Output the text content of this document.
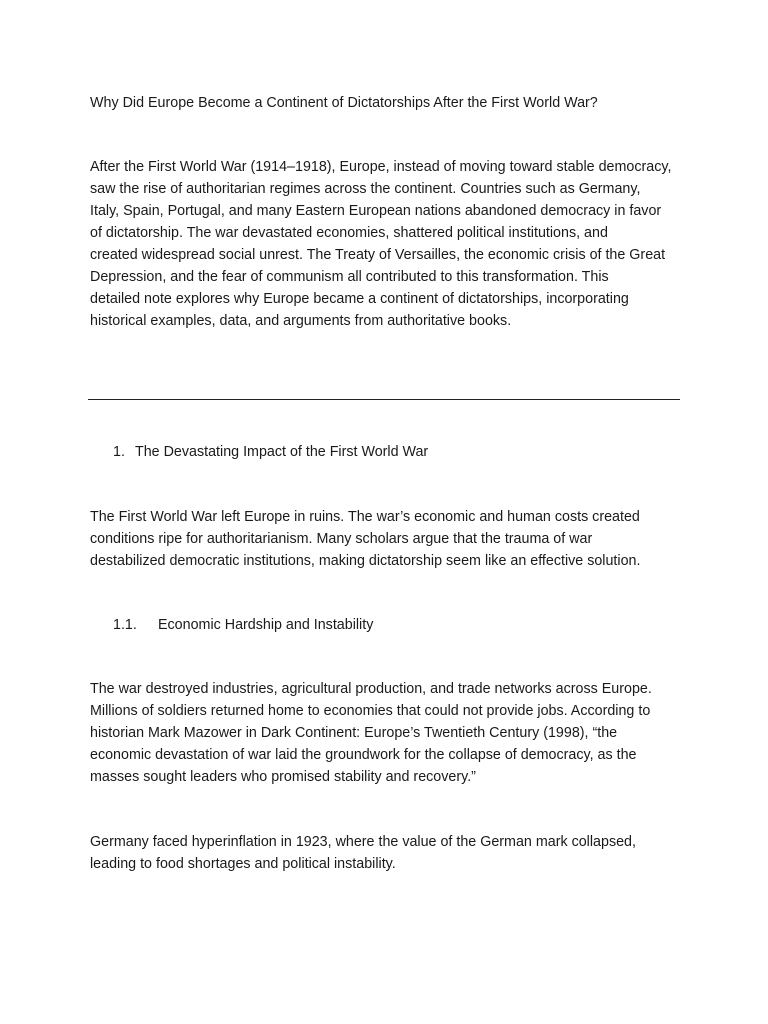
Why Did Europe Become a Continent of Dictatorships After the First World War?
After the First World War (1914–1918), Europe, instead of moving toward stable democracy,
saw the rise of authoritarian regimes across the continent. Countries such as Germany,
Italy, Spain, Portugal, and many Eastern European nations abandoned democracy in favor
of dictatorship. The war devastated economies, shattered political institutions, and
created widespread social unrest. The Treaty of Versailles, the economic crisis of the Great
Depression, and the fear of communism all contributed to this transformation. This
detailed note explores why Europe became a continent of dictatorships, incorporating
historical examples, data, and arguments from authoritative books.
1. The Devastating Impact of the First World War
The First World War left Europe in ruins. The war’s economic and human costs created
conditions ripe for authoritarianism. Many scholars argue that the trauma of war
destabilized democratic institutions, making dictatorship seem like an effective solution.
1.1. Economic Hardship and Instability
The war destroyed industries, agricultural production, and trade networks across Europe.
Millions of soldiers returned home to economies that could not provide jobs. According to
historian Mark Mazower in Dark Continent: Europe’s Twentieth Century (1998), “the
economic devastation of war laid the groundwork for the collapse of democracy, as the
masses sought leaders who promised stability and recovery.”
Germany faced hyperinflation in 1923, where the value of the German mark collapsed,
leading to food shortages and political instability.
